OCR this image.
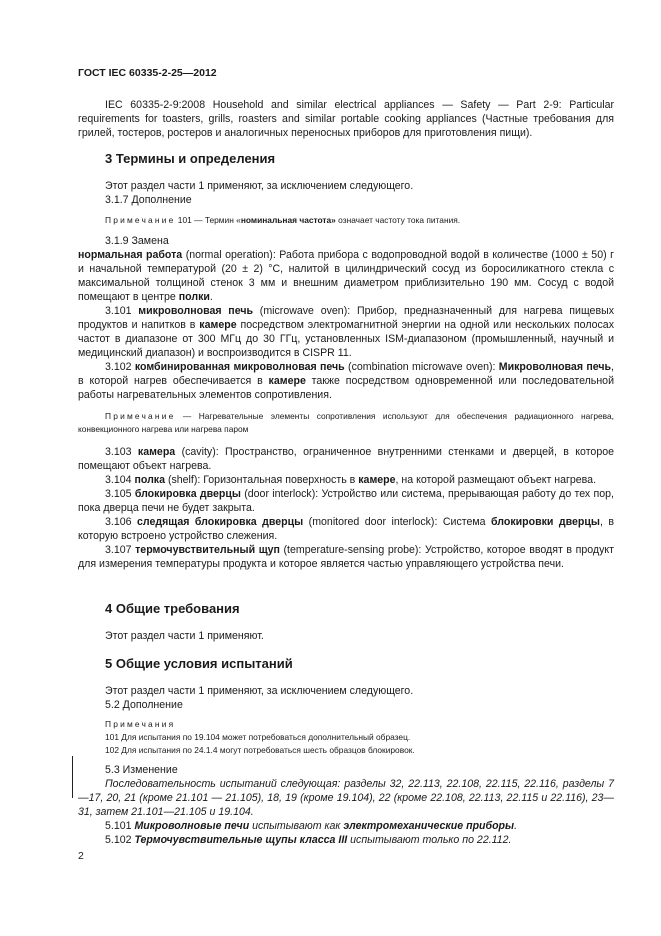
ГОСТ IEC 60335-2-25—2012

IEC 60335-2-9:2008 Household and similar electrical appliances — Safety — Part 2-9: Particular requirements for toasters, grills, roasters and similar portable cooking appliances (Частные требования для грилей, тостеров, ростеров и аналогичных переносных приборов для приготовления пищи).

3 Термины и определения

Этот раздел части 1 применяют, за исключением следующего.

3.1.7 Дополнение

Примечание 101 — Термин «номинальная частота» означает частоту тока питания.

3.1.9 Замена

нормальная работа (normal operation): Работа прибора с водопроводной водой в количестве (1000 ± 50) г и начальной температурой (20 ± 2) °С, налитой в цилиндрический сосуд из боросиликатного стекла с максимальной толщиной стенок 3 мм и внешним диаметром приблизительно 190 мм. Сосуд с водой помещают в центре полки.

3.101 микроволновая печь (microwave oven): Прибор, предназначенный для нагрева пищевых продуктов и напитков в камере посредством электромагнитной энергии на одной или нескольких полосах частот в диапазоне от 300 МГц до 30 ГГц, установленных ISM-диапазоном (промышленный, научный и медицинский диапазон) и воспроизводится в CISPR 11.

3.102 комбинированная микроволновая печь (combination microwave oven): Микроволновая печь, в которой нагрев обеспечивается в камере также посредством одновременной или последовательной работы нагревательных элементов сопротивления.

Примечание — Нагревательные элементы сопротивления используют для обеспечения радиационного нагрева, конвекционного нагрева или нагрева паром

3.103 камера (cavity): Пространство, ограниченное внутренними стенками и дверцей, в которое помещают объект нагрева.

3.104 полка (shelf): Горизонтальная поверхность в камере, на которой размещают объект нагрева.

3.105 блокировка дверцы (door interlock): Устройство или система, прерывающая работу до тех пор, пока дверца печи не будет закрыта.

3.106 следящая блокировка дверцы (monitored door interlock): Система блокировки дверцы, в которую встроено устройство слежения.

3.107 термочувствительный щуп (temperature-sensing probe): Устройство, которое вводят в продукт для измерения температуры продукта и которое является частью управляющего устройства печи.

4 Общие требования

Этот раздел части 1 применяют.

5 Общие условия испытаний

Этот раздел части 1 применяют, за исключением следующего.

5.2 Дополнение

Примечания

101 Для испытания по 19.104 может потребоваться дополнительный образец.

102 Для испытания по 24.1.4 могут потребоваться шесть образцов блокировок.

5.3 Изменение

Последовательность испытаний следующая: разделы 32, 22.113, 22.108, 22.115, 22.116, разделы 7—17, 20, 21 (кроме 21.101 — 21.105), 18, 19 (кроме 19.104), 22 (кроме 22.108, 22.113, 22.115 и 22.116), 23—31, затем 21.101—21.105 и 19.104.

5.101 Микроволновые печи испытывают как электромеханические приборы.

5.102 Термочувствительные щупы класса III испытывают только по 22.112.

2
